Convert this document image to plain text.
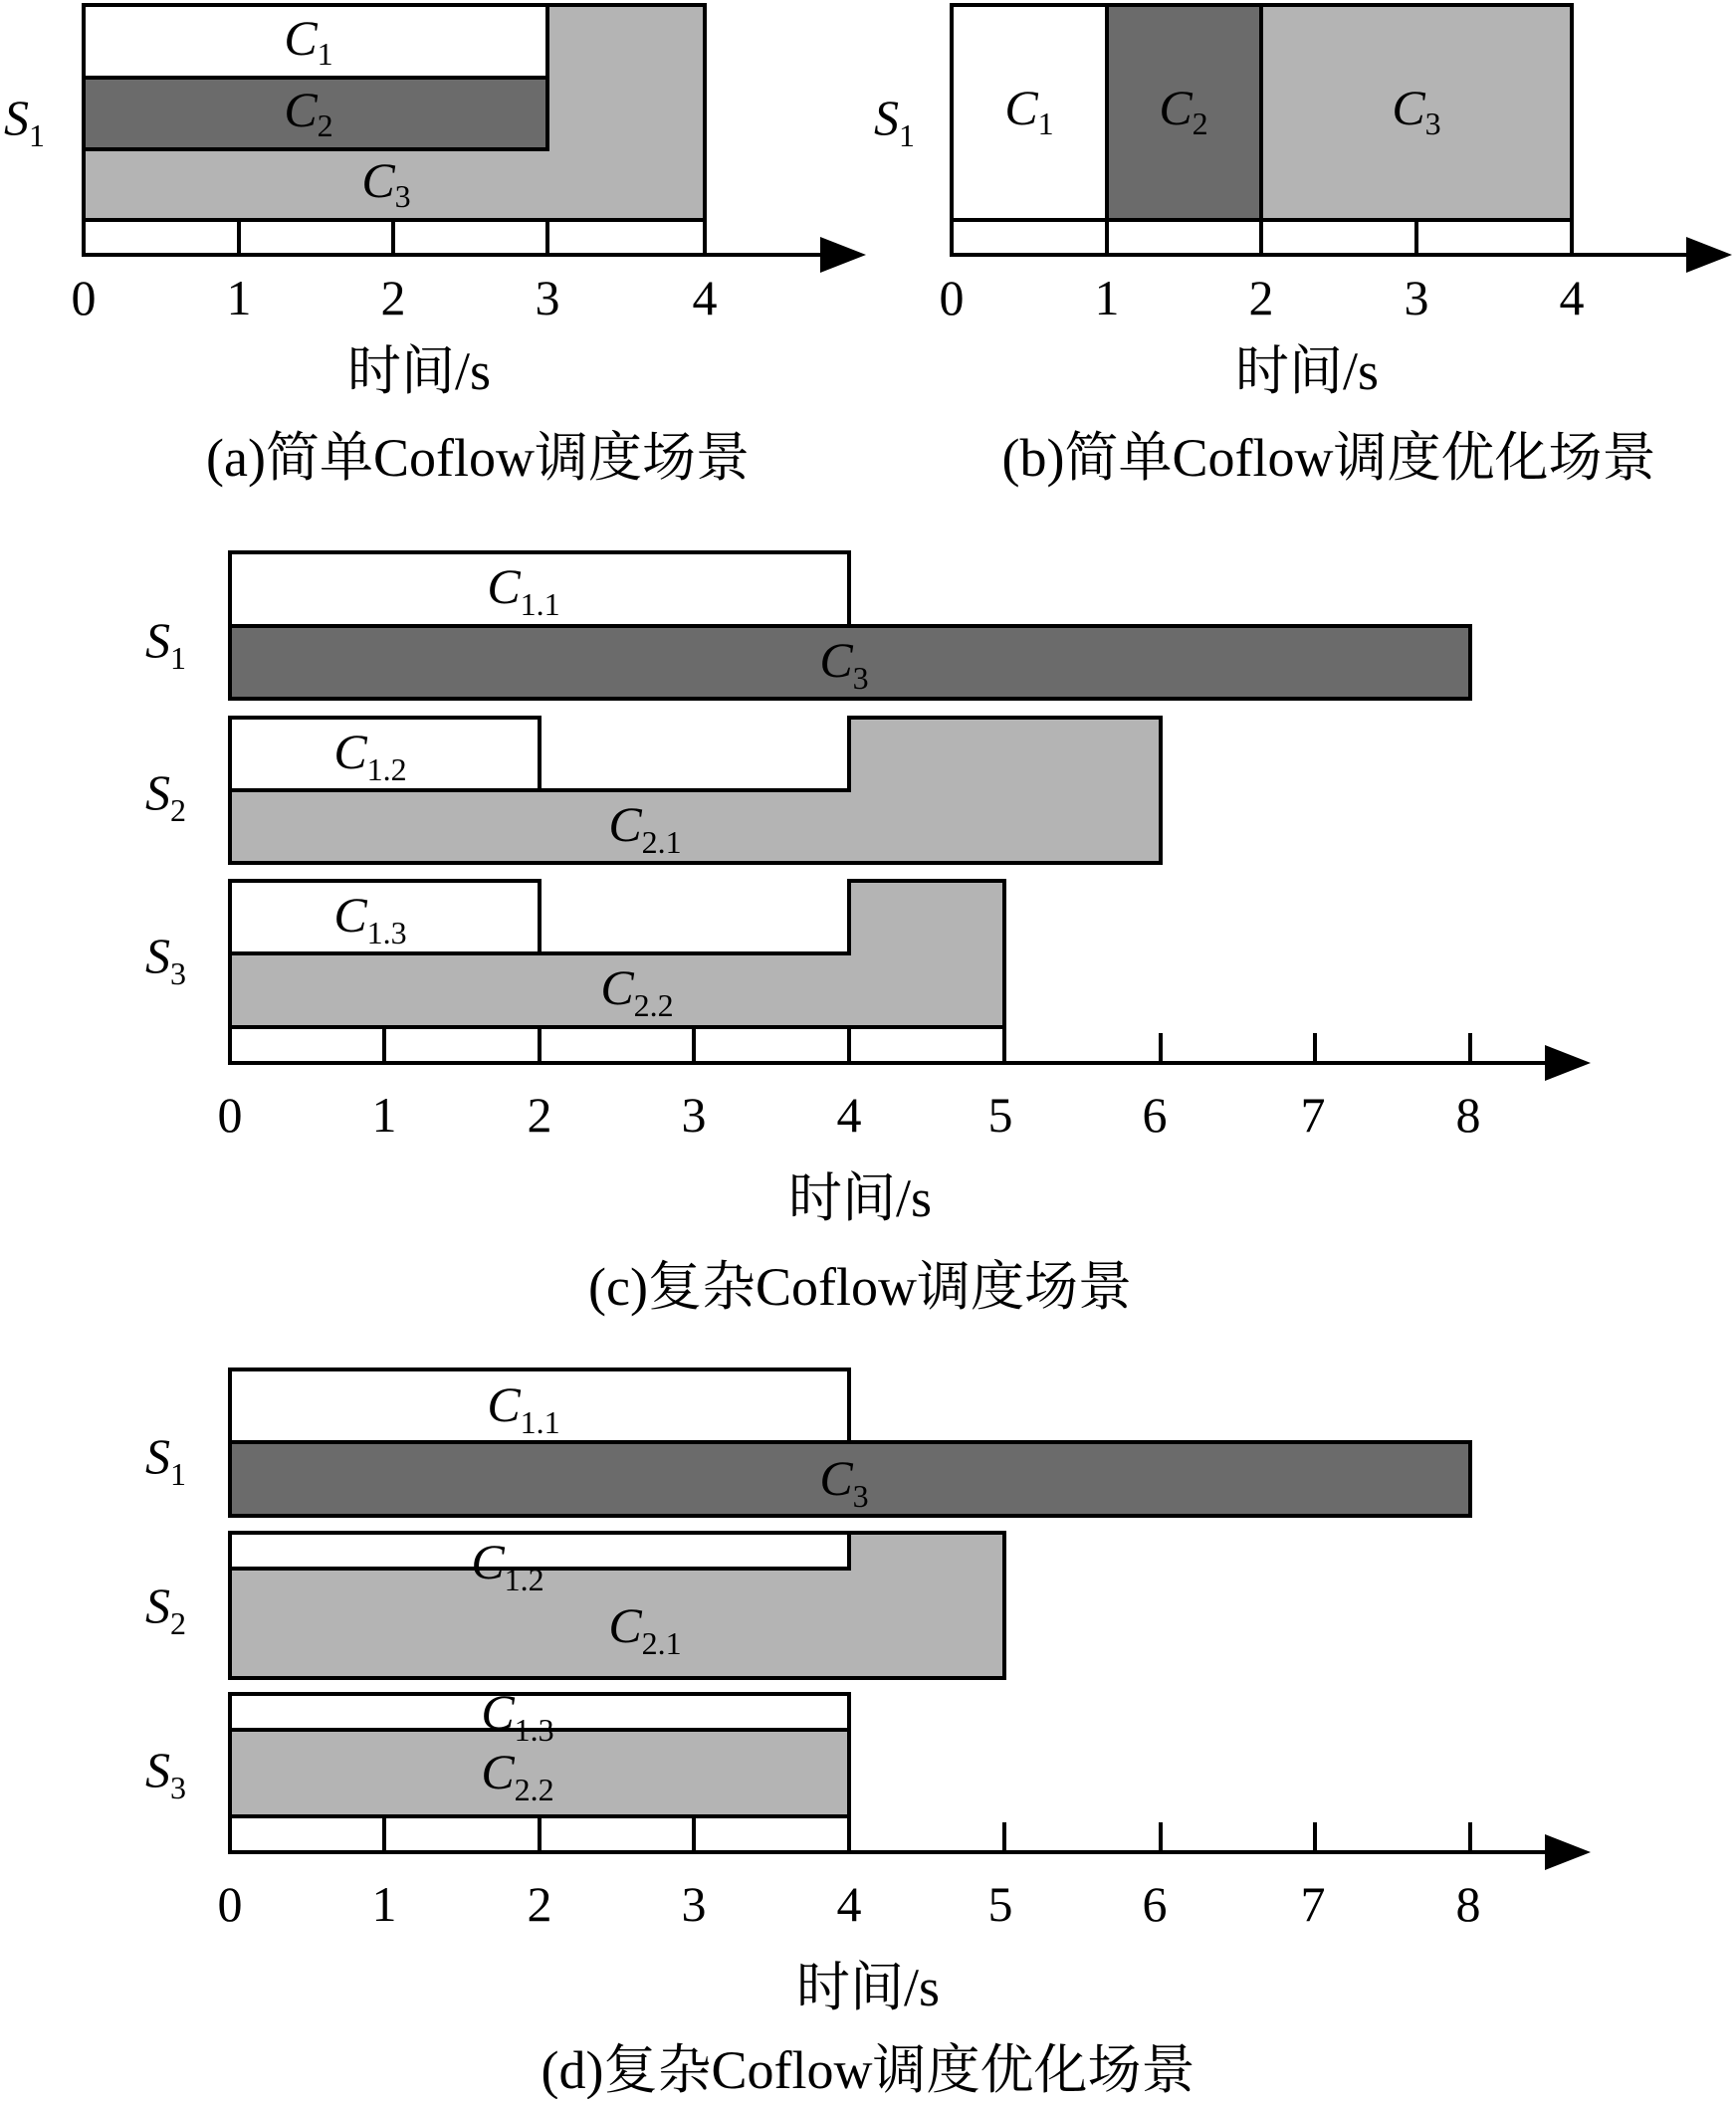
C1
C2
C3
S1
0	1	2	3	4
时间/s
(a)简单Coflow调度场景
C1 C2	C3
S1
0	1	2	3	4
时间/s
(b)简单Coflow调度优化场景
C1.1
C3
C1.2
C2.1
C1.3
C2.2
S1
S2
S3
0	1	2	3	4	5	6	7	8
时间/s
(c)复杂Coflow调度场景
C1.1
C3
C1.2
C2.1
C1.3
C2.2
S1
S2
S3
0	1	2	3	4	5	6	7	8
时间/s
(d)复杂Coflow调度优化场景
